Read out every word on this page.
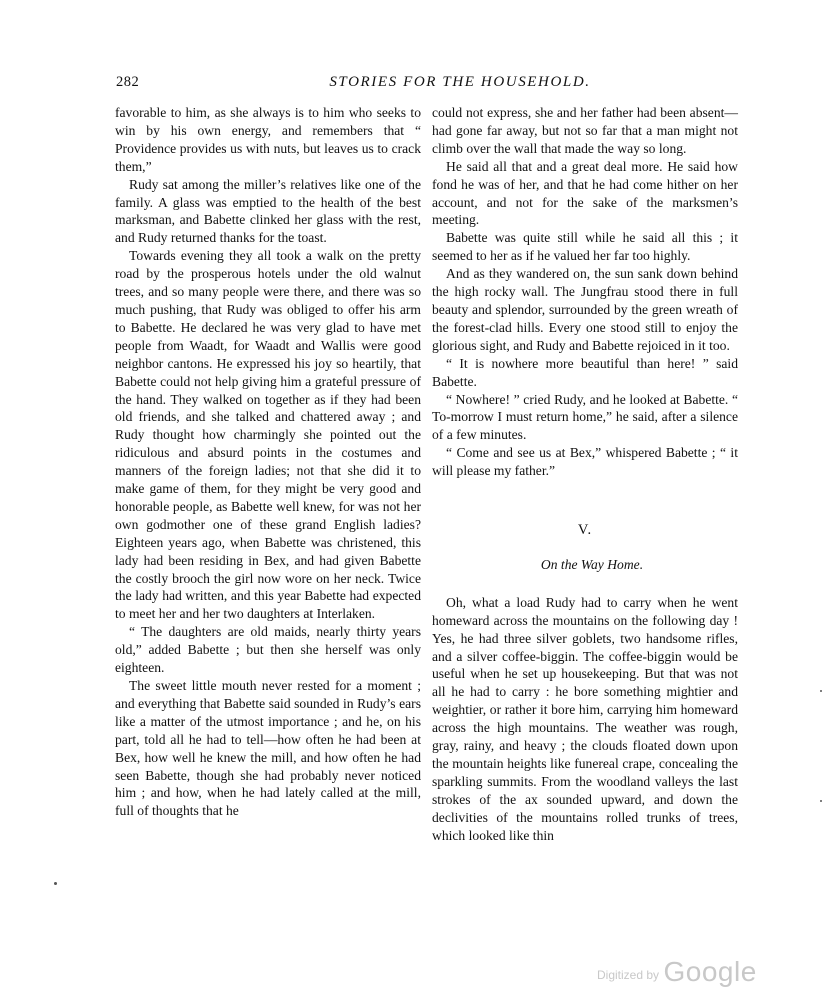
282	STORIES FOR THE HOUSEHOLD.

favorable to him, as she always is to him who seeks to win by his own energy, and remembers that “ Providence provides us with nuts, but leaves us to crack them,”

Rudy sat among the miller’s relatives like one of the family. A glass was emptied to the health of the best marksman, and Babette clinked her glass with the rest, and Rudy returned thanks for the toast.

Towards evening they all took a walk on the pretty road by the prosperous hotels under the old walnut trees, and so many people were there, and there was so much pushing, that Rudy was obliged to offer his arm to Babette. He declared he was very glad to have met people from Waadt, for Waadt and Wallis were good neighbor cantons. He expressed his joy so heartily, that Babette could not help giving him a grateful pressure of the hand. They walked on together as if they had been old friends, and she talked and chattered away ; and Rudy thought how charmingly she pointed out the ridiculous and absurd points in the costumes and manners of the foreign ladies; not that she did it to make game of them, for they might be very good and honorable people, as Babette well knew, for was not her own godmother one of these grand English ladies? Eighteen years ago, when Babette was christened, this lady had been residing in Bex, and had given Babette the costly brooch the girl now wore on her neck. Twice the lady had written, and this year Babette had expected to meet her and her two daughters at Interlaken.

“ The daughters are old maids, nearly thirty years old,” added Babette ; but then she herself was only eighteen.

The sweet little mouth never rested for a moment ; and everything that Babette said sounded in Rudy’s ears like a matter of the utmost importance ; and he, on his part, told all he had to tell—how often he had been at Bex, how well he knew the mill, and how often he had seen Babette, though she had probably never noticed him ; and how, when he had lately called at the mill, full of thoughts that he

could not express, she and her father had been absent—had gone far away, but not so far that a man might not climb over the wall that made the way so long.

He said all that and a great deal more. He said how fond he was of her, and that he had come hither on her account, and not for the sake of the marksmen’s meeting.

Babette was quite still while he said all this ; it seemed to her as if he valued her far too highly.

And as they wandered on, the sun sank down behind the high rocky wall. The Jungfrau stood there in full beauty and splendor, surrounded by the green wreath of the forest-clad hills. Every one stood still to enjoy the glorious sight, and Rudy and Babette rejoiced in it too.

“ It is nowhere more beautiful than here! ” said Babette.

“ Nowhere! ” cried Rudy, and he looked at Babette. “ To-morrow I must return home,” he said, after a silence of a few minutes.

“ Come and see us at Bex,” whispered Babette ; “ it will please my father.”

V.
On the Way Home.

Oh, what a load Rudy had to carry when he went homeward across the mountains on the following day ! Yes, he had three silver goblets, two handsome rifles, and a silver coffee-biggin. The coffee-biggin would be useful when he set up housekeeping. But that was not all he had to carry : he bore something mightier and weightier, or rather it bore him, carrying him homeward across the high mountains. The weather was rough, gray, rainy, and heavy ; the clouds floated down upon the mountain heights like funereal crape, concealing the sparkling summits. From the woodland valleys the last strokes of the ax sounded upward, and down the declivities of the mountains rolled trunks of trees, which looked like thin

Digitized by Google
